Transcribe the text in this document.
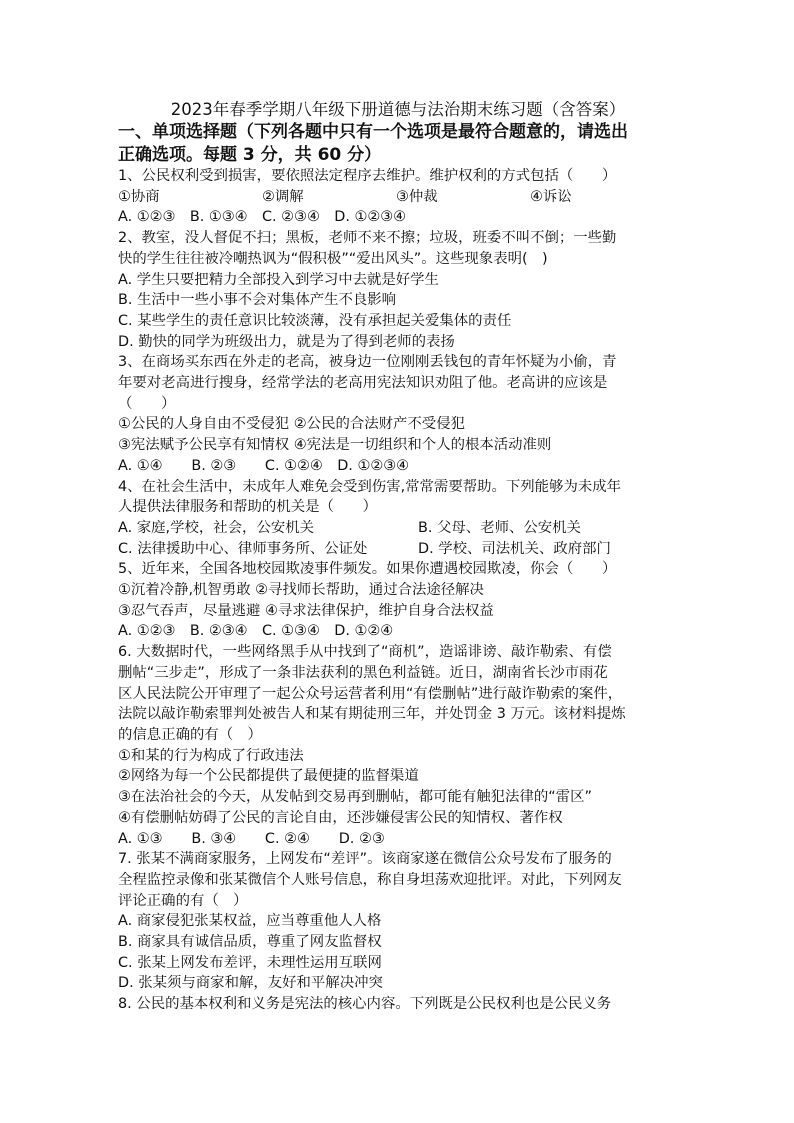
2023年春季学期八年级下册道德与法治期末练习题（含答案）

一、单项选择题（下列各题中只有一个选项是最符合题意的，请选出

正确选项。每题 3 分，共 60 分）

1、公民权利受到损害，要依照法定程序去维护。维护权利的方式包括（　　）

①协商	②调解	③仲裁	④诉讼

A. ①②③　B. ①③④　C. ②③④　D. ①②③④

2、教室，没人督促不扫；黑板，老师不来不擦；垃圾，班委不叫不倒；一些勤

快的学生往往被冷嘲热讽为“假积极”“爱出风头”。这些现象表明(　)

A. 学生只要把精力全部投入到学习中去就是好学生

B. 生活中一些小事不会对集体产生不良影响

C. 某些学生的责任意识比较淡薄，没有承担起关爱集体的责任

D. 勤快的同学为班级出力，就是为了得到老师的表扬

3、在商场买东西在外走的老高，被身边一位刚刚丢钱包的青年怀疑为小偷，青

年要对老高进行搜身，经常学法的老高用宪法知识劝阻了他。老高讲的应该是

（　　）

①公民的人身自由不受侵犯 ②公民的合法财产不受侵犯

③宪法赋予公民享有知情权 ④宪法是一切组织和个人的根本活动准则

A. ①④　　B. ②③　　C. ①②④　D. ①②③④

4、在社会生活中，未成年人难免会受到伤害,常常需要帮助。下列能够为未成年

人提供法律服务和帮助的机关是（　　）

A. 家庭,学校，社会，公安机关	B. 父母、老师、公安机关
C. 法律援助中心、律师事务所、公证处	D. 学校、司法机关、政府部门

5、近年来，全国各地校园欺凌事件频发。如果你遭遇校园欺凌，你会（　　）

①沉着冷静,机智勇敢 ②寻找师长帮助，通过合法途径解决

③忍气吞声，尽量逃避 ④寻求法律保护，维护自身合法权益

A. ①②③　B. ②③④　C. ①③④　D. ①②④

6. 大数据时代，一些网络黑手从中找到了“商机”，造谣诽谤、敲诈勒索、有偿

删帖“三步走”，形成了一条非法获利的黑色利益链。近日，湖南省长沙市雨花

区人民法院公开审理了一起公众号运营者利用“有偿删帖”进行敲诈勒索的案件，

法院以敲诈勒索罪判处被告人和某有期徒刑三年，并处罚金 3 万元。该材料提炼

的信息正确的有（　）

①和某的行为构成了行政违法

②网络为每一个公民都提供了最便捷的监督渠道

③在法治社会的今天，从发帖到交易再到删帖，都可能有触犯法律的“雷区”

④有偿删帖妨碍了公民的言论自由，还涉嫌侵害公民的知情权、著作权

A. ①③　　B. ③④　　C. ②④　　D. ②③

7. 张某不满商家服务，上网发布“差评”。该商家遂在微信公众号发布了服务的

全程监控录像和张某微信个人账号信息，称自身坦荡欢迎批评。对此，下列网友

评论正确的有（　）

A. 商家侵犯张某权益，应当尊重他人人格

B. 商家具有诚信品质，尊重了网友监督权

C. 张某上网发布差评，未理性运用互联网

D. 张某须与商家和解，友好和平解决冲突

8. 公民的基本权利和义务是宪法的核心内容。下列既是公民权利也是公民义务
